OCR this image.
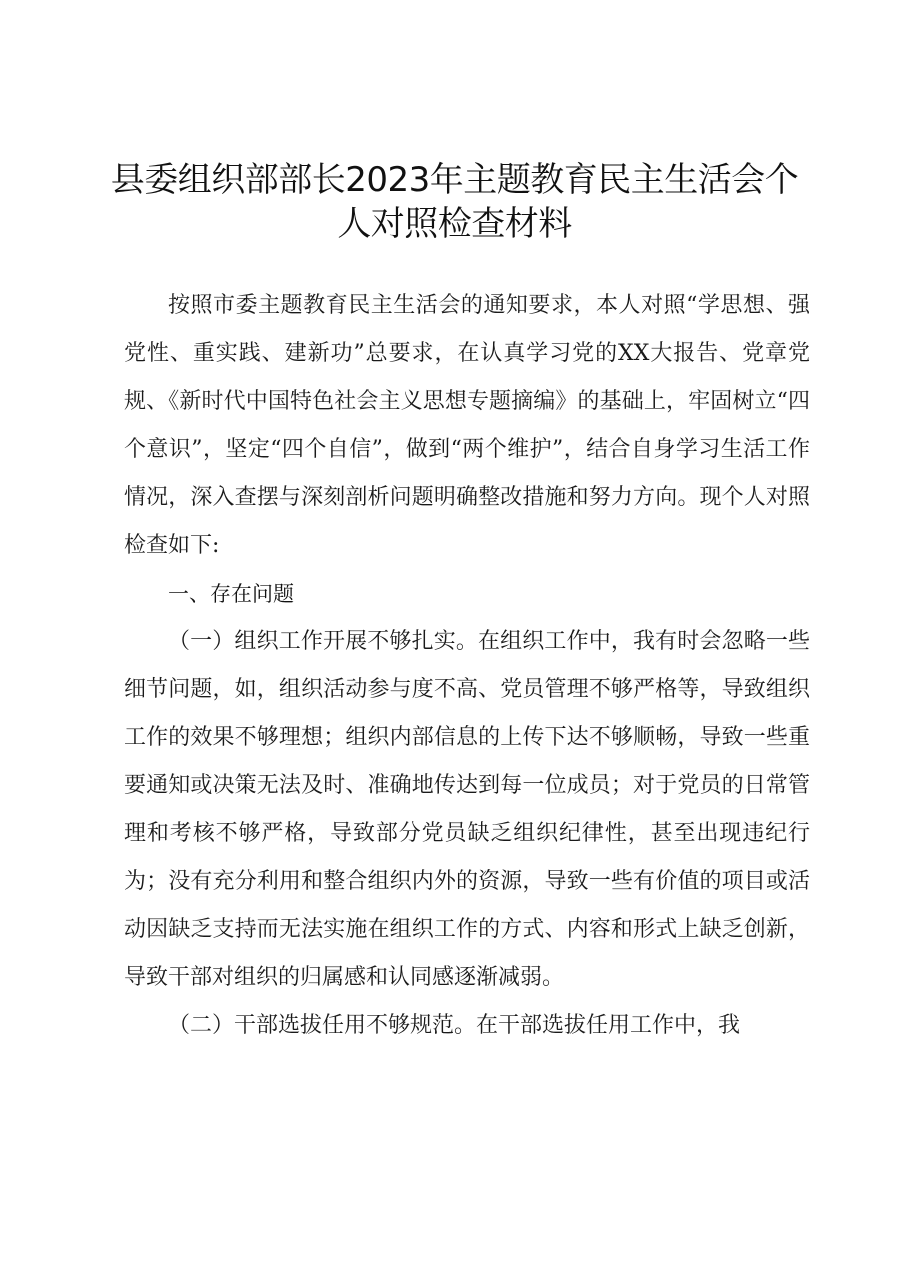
县委组织部部长2023年主题教育民主生活会个
人对照检查材料

按照市委主题教育民主生活会的通知要求，本人对照“学思想、强党性、重实践、建新功”总要求，在认真学习党的XX大报告、党章党规、《新时代中国特色社会主义思想专题摘编》的基础上，牢固树立“四个意识”，坚定“四个自信”，做到“两个维护”，结合自身学习生活工作情况，深入查摆与深刻剖析问题明确整改措施和努力方向。现个人对照检查如下:

一、存在问题

（一）组织工作开展不够扎实。在组织工作中，我有时会忽略一些细节问题，如，组织活动参与度不高、党员管理不够严格等，导致组织工作的效果不够理想；组织内部信息的上传下达不够顺畅，导致一些重要通知或决策无法及时、准确地传达到每一位成员；对于党员的日常管理和考核不够严格，导致部分党员缺乏组织纪律性，甚至出现违纪行为；没有充分利用和整合组织内外的资源，导致一些有价值的项目或活动因缺乏支持而无法实施在组织工作的方式、内容和形式上缺乏创新，导致干部对组织的归属感和认同感逐渐减弱。

（二）干部选拔任用不够规范。在干部选拔任用工作中，我
